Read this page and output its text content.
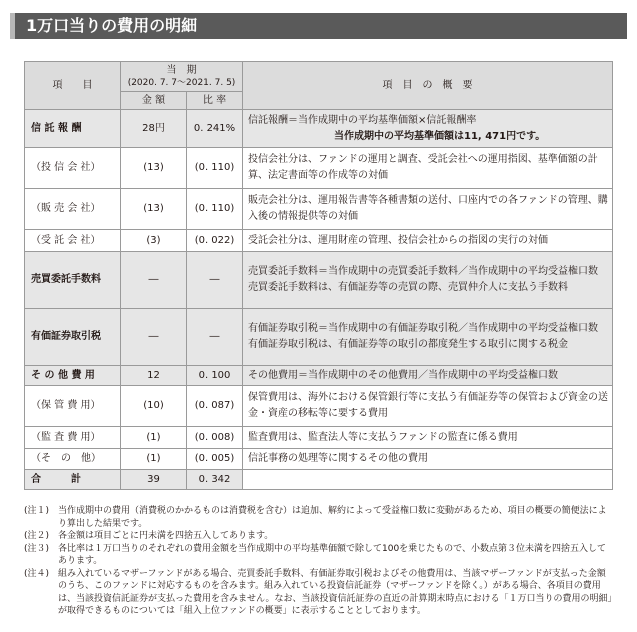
1万口当りの費用の明細
項　　目	当　期
(2020. 7. 7～2021. 7. 5)		項　目　の　概　要
	金 額	比 率	
信 託 報 酬	28円	0. 241%	信託報酬＝当作成期中の平均基準価額×信託報酬率
当作成期中の平均基準価額は11, 471円です。

（投 信 会 社）	(13)	(0. 110)	投信会社分は、ファンドの運用と調査、受託会社への運用指図、基準価額の計算、法定書面等の作成等の対価
（販 売 会 社）	(13)	(0. 110)	販売会社分は、運用報告書等各種書類の送付、口座内での各ファンドの管理、購入後の情報提供等の対価
（受 託 会 社）	(3)	(0. 022)	受託会社分は、運用財産の管理、投信会社からの指図の実行の対価
売買委託手数料	―	―	売買委託手数料＝当作成期中の売買委託手数料／当作成期中の平均受益権口数
売買委託手数料は、有価証券等の売買の際、売買仲介人に支払う手数料

有価証券取引税	―	―	有価証券取引税＝当作成期中の有価証券取引税／当作成期中の平均受益権口数
有価証券取引税は、有価証券等の取引の都度発生する取引に関する税金

そ の 他 費 用	12	0. 100	その他費用＝当作成期中のその他費用／当作成期中の平均受益権口数
（保 管 費 用）	(10)	(0. 087)	保管費用は、海外における保管銀行等に支払う有価証券等の保管および資金の送金・資産の移転等に要する費用
（監 査 費 用）	(1)	(0. 008)	監査費用は、監査法人等に支払うファンドの監査に係る費用
（そ　の　他）	(1)	(0. 005)	信託事務の処理等に関するその他の費用
合　　　計	39	0. 342	
(注１) 当作成期中の費用（消費税のかかるものは消費税を含む）は追加、解約によって受益権口数に変動があるため、項目の概要の簡便法により算出した結果です。
(注２) 各金額は項目ごとに円未満を四捨五入してあります。
(注３) 各比率は１万口当りのそれぞれの費用金額を当作成期中の平均基準価額で除して100を乗じたもので、小数点第３位未満を四捨五入してあります。
(注４) 組み入れているマザーファンドがある場合、売買委託手数料、有価証券取引税およびその他費用は、当該マザーファンドが支払った金額のうち、このファンドに対応するものを含みます。組み入れている投資信託証券（マザーファンドを除く。）がある場合、各項目の費用は、当該投資信託証券が支払った費用を含みません。なお、当該投資信託証券の直近の計算期末時点における「１万口当りの費用の明細」が取得できるものについては「組入上位ファンドの概要」に表示することとしております。
